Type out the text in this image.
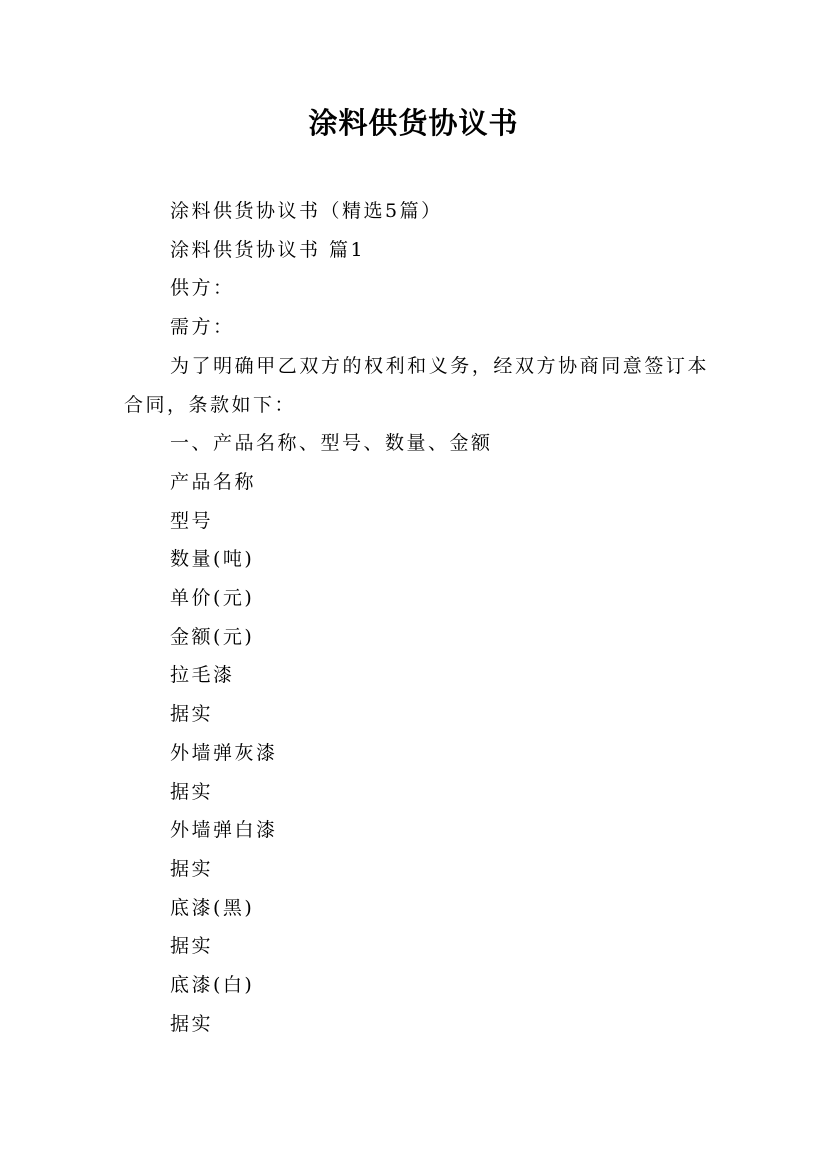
涂料供货协议书

涂料供货协议书（精选5篇）

涂料供货协议书 篇1

供方：

需方：

为了明确甲乙双方的权利和义务，经双方协商同意签订本合同，条款如下：

一、产品名称、型号、数量、金额

产品名称

型号

数量(吨)

单价(元)

金额(元)

拉毛漆

据实

外墙弹灰漆

据实

外墙弹白漆

据实

底漆(黑)

据实

底漆(白)

据实
